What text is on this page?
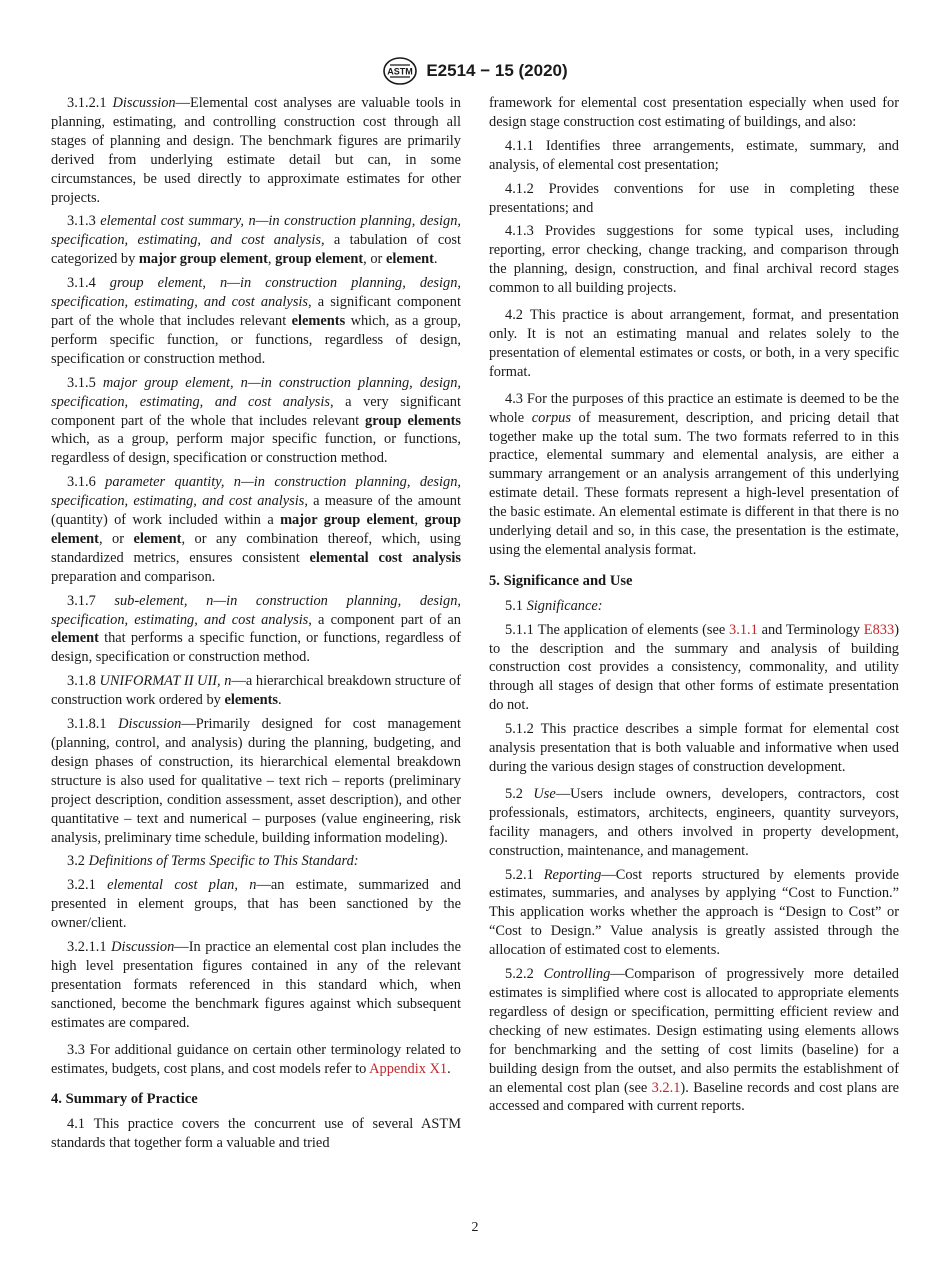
ASTM E2514 − 15 (2020)

3.1.2.1 Discussion—Elemental cost analyses are valuable tools in planning, estimating, and controlling construction cost through all stages of planning and design. The benchmark figures are primarily derived from underlying estimate detail but can, in some circumstances, be used directly to approximate estimates for other projects.

3.1.3 elemental cost summary, n—in construction planning, design, specification, estimating, and cost analysis, a tabulation of cost categorized by major group element, group element, or element.

3.1.4 group element, n—in construction planning, design, specification, estimating, and cost analysis, a significant component part of the whole that includes relevant elements which, as a group, perform specific function, or functions, regardless of design, specification or construction method.

3.1.5 major group element, n—in construction planning, design, specification, estimating, and cost analysis, a very significant component part of the whole that includes relevant group elements which, as a group, perform major specific function, or functions, regardless of design, specification or construction method.

3.1.6 parameter quantity, n—in construction planning, design, specification, estimating, and cost analysis, a measure of the amount (quantity) of work included within a major group element, group element, or element, or any combination thereof, which, using standardized metrics, ensures consistent elemental cost analysis preparation and comparison.

3.1.7 sub-element, n—in construction planning, design, specification, estimating, and cost analysis, a component part of an element that performs a specific function, or functions, regardless of design, specification or construction method.

3.1.8 UNIFORMAT II UII, n—a hierarchical breakdown structure of construction work ordered by elements.

3.1.8.1 Discussion—Primarily designed for cost management (planning, control, and analysis) during the planning, budgeting, and design phases of construction, its hierarchical elemental breakdown structure is also used for qualitative – text rich – reports (preliminary project description, condition assessment, asset description), and other quantitative – text and numerical – purposes (value engineering, risk analysis, preliminary time schedule, building information modeling).

3.2 Definitions of Terms Specific to This Standard:

3.2.1 elemental cost plan, n—an estimate, summarized and presented in element groups, that has been sanctioned by the owner/client.

3.2.1.1 Discussion—In practice an elemental cost plan includes the high level presentation figures contained in any of the relevant presentation formats referenced in this standard which, when sanctioned, become the benchmark figures against which subsequent estimates are compared.

3.3 For additional guidance on certain other terminology related to estimates, budgets, cost plans, and cost models refer to Appendix X1.

4. Summary of Practice

4.1 This practice covers the concurrent use of several ASTM standards that together form a valuable and tried

framework for elemental cost presentation especially when used for design stage construction cost estimating of buildings, and also:

4.1.1 Identifies three arrangements, estimate, summary, and analysis, of elemental cost presentation;

4.1.2 Provides conventions for use in completing these presentations; and

4.1.3 Provides suggestions for some typical uses, including reporting, error checking, change tracking, and comparison through the planning, design, construction, and final archival record stages common to all building projects.

4.2 This practice is about arrangement, format, and presentation only. It is not an estimating manual and relates solely to the presentation of elemental estimates or costs, or both, in a very specific format.

4.3 For the purposes of this practice an estimate is deemed to be the whole corpus of measurement, description, and pricing detail that together make up the total sum. The two formats referred to in this practice, elemental summary and elemental analysis, are either a summary arrangement or an analysis arrangement of this underlying estimate detail. These formats represent a high-level presentation of the basic estimate. An elemental estimate is different in that there is no underlying detail and so, in this case, the presentation is the estimate, using the elemental analysis format.

5. Significance and Use

5.1 Significance:

5.1.1 The application of elements (see 3.1.1 and Terminology E833) to the description and the summary and analysis of building construction cost provides a consistency, commonality, and utility through all stages of design that other forms of estimate presentation do not.

5.1.2 This practice describes a simple format for elemental cost analysis presentation that is both valuable and informative when used during the various design stages of construction development.

5.2 Use—Users include owners, developers, contractors, cost professionals, estimators, architects, engineers, quantity surveyors, facility managers, and others involved in property development, construction, maintenance, and management.

5.2.1 Reporting—Cost reports structured by elements provide estimates, summaries, and analyses by applying “Cost to Function.” This application works whether the approach is “Design to Cost” or “Cost to Design.” Value analysis is greatly assisted through the allocation of estimated cost to elements.

5.2.2 Controlling—Comparison of progressively more detailed estimates is simplified where cost is allocated to appropriate elements regardless of design or specification, permitting efficient review and checking of new estimates. Design estimating using elements allows for benchmarking and the setting of cost limits (baseline) for a building design from the outset, and also permits the establishment of an elemental cost plan (see 3.2.1). Baseline records and cost plans are accessed and compared with current reports.

2
